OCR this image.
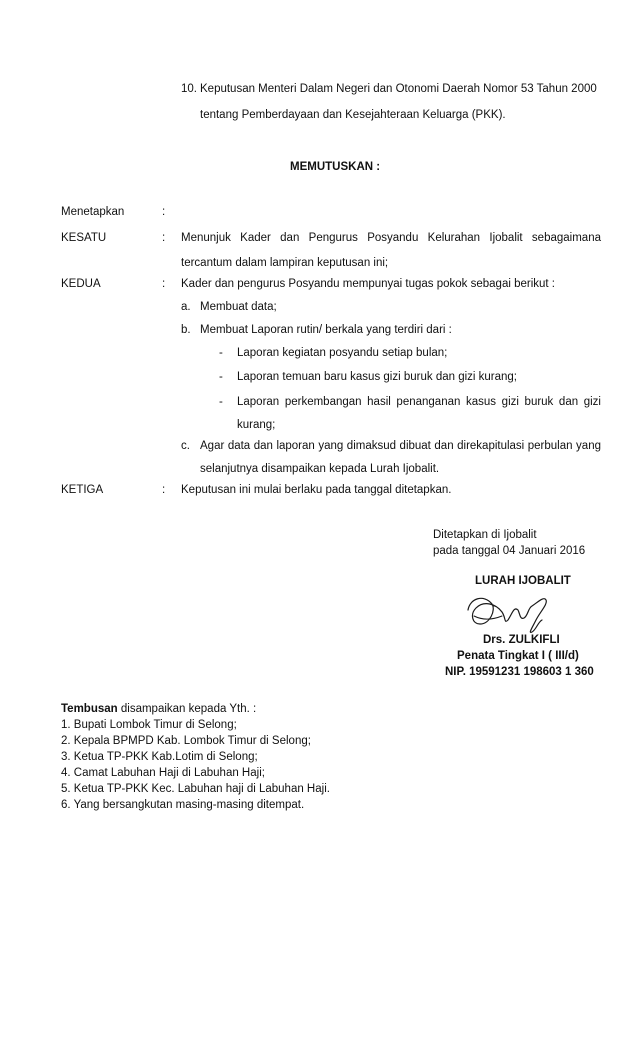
10. Keputusan Menteri Dalam Negeri dan Otonomi Daerah Nomor 53 Tahun 2000
tentang Pemberdayaan dan Kesejahteraan Keluarga (PKK).
MEMUTUSKAN :
Menetapkan	:
KESATU	: Menunjuk Kader dan Pengurus Posyandu Kelurahan Ijobalit sebagaimana
tercantum dalam lampiran keputusan ini;
KEDUA	: Kader dan pengurus Posyandu mempunyai tugas pokok sebagai berikut :
a. Membuat data;
b. Membuat Laporan rutin/ berkala yang terdiri dari :
- Laporan kegiatan posyandu setiap bulan;
- Laporan temuan baru kasus gizi buruk dan gizi kurang;
- Laporan perkembangan hasil penanganan kasus gizi buruk dan gizi
kurang;
c. Agar data dan laporan yang dimaksud dibuat dan direkapitulasi perbulan yang
selanjutnya disampaikan kepada Lurah Ijobalit.
KETIGA	: Keputusan ini mulai berlaku pada tanggal ditetapkan.
Ditetapkan di Ijobalit
pada tanggal 04 Januari 2016
LURAH IJOBALIT
Drs. ZULKIFLI
Penata Tingkat I ( III/d)
NIP. 19591231 198603 1 360
Tembusan disampaikan kepada Yth. :
1. Bupati Lombok Timur di Selong;
2. Kepala BPMPD Kab. Lombok Timur di Selong;
3. Ketua TP-PKK Kab.Lotim di Selong;
4. Camat Labuhan Haji di Labuhan Haji;
5. Ketua TP-PKK Kec. Labuhan haji di Labuhan Haji.
6. Yang bersangkutan masing-masing ditempat.
